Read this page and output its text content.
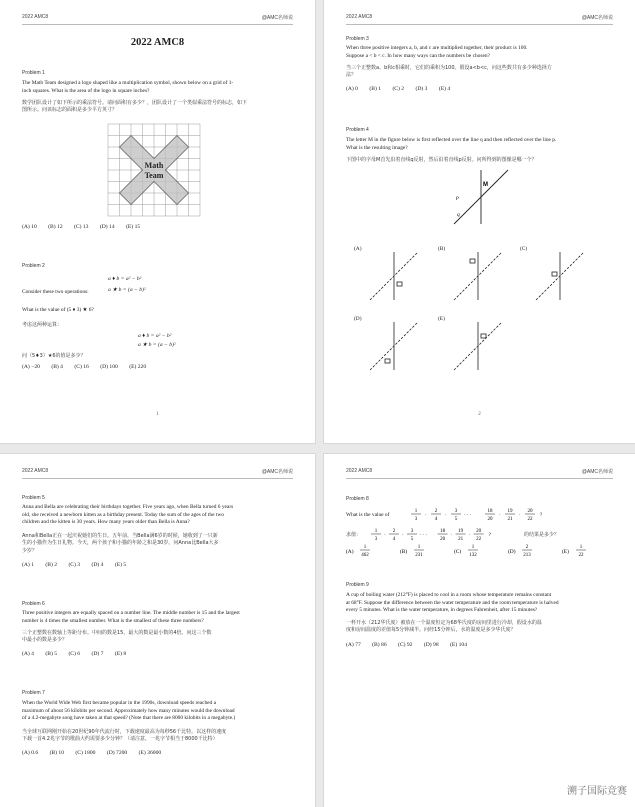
2022 AMC8	@AMC名师说
2022 AMC8
Problem 1
The Math Team designed a logo shaped like a multiplication symbol, shown below on a grid of 1-
inch squares. What is the area of the logo in square inches?
数学团队设计了如下所示的乘法符号。请问面积有多少？，团队设计了一个类似乘法符号的标志，如下
图所示。问该标志的面积是多少平方英寸？
Math
Team
(A) 10 (B) 12 (C) 13 (D) 14 (E) 15
Problem 2
a ♦ b = a² − b²
Consider these two operations:	a ★ b = (a − b)²
What is the value of (5 ♦ 3) ★ 6?
考虑这两种运算：
a ♦ b = a² − b²
a ★ b = (a − b)²
问（5♦3）★6的值是多少？
(A) −20 (B) 4 (C) 16 (D) 100 (E) 220
1
2022 AMC8	@AMC名师说
Problem 3
When three positive integers a, b, and c are multiplied together, their product is 100.
Suppose a < b < c. In how many ways can the numbers be chosen?
当三个正整数a、b和c相乘时，它们的乘积为100。假设a<b<c，问这些数共有多少种选择方
法？
(A) 0 (B) 1 (C) 2 (D) 3 (E) 4
Problem 4
The letter M in the figure below is first reflected over the line q and then reflected over the line p.
What is the resulting image?
下图中的字母M首先沿着直线q反射，然后沿着直线p反射。问所得到的图像是哪一个？
p
q
M
(A)	(B)	(C)
(D)	(E)
2
2022 AMC8	@AMC名师说
Problem 5
Anna and Bella are celebrating their birthdays together. Five years ago, when Bella turned 6 years
old, she received a newborn kitten as a birthday present. Today the sum of the ages of the two
children and the kitten is 30 years. How many years older than Bella is Anna?
Anna和Bella正在一起庆祝她们的生日。五年前，当Bella满6岁的时候，她收到了一只新
生的小猫作为生日礼物。今天，两个孩子和小猫的年龄之和是30岁。问Anna比Bella大多
少岁？
(A) 1 (B) 2 (C) 3 (D) 4 (E) 5
Problem 6
Three positive integers are equally spaced on a number line. The middle number is 15 and the largest
number is 4 times the smallest number. What is the smallest of these three numbers?
三个正整数在数轴上等距分布。中间的数是15，最大的数是最小数的4倍。问这三个数
中最小的数是多少？
(A) 4 (B) 5 (C) 6 (D) 7 (E) 8
Problem 7
When the World Wide Web first became popular in the 1990s, download speeds reached a
maximum of about 56 kilobits per second. Approximately how many minutes would the download
of a 4.2-megabyte song have taken at that speed? (Note that there are 8000 kilobits in a megabyte.)
当全球互联网刚开始在20世纪90年代流行时，下载速度最高为每秒56千比特。以这样的速度
下载一首4.2兆字节的歌曲大约需要多少分钟？（请注意，一兆字节相当于8000千比特）
(A) 0.6 (B) 10 (C) 1800 (D) 7200 (E) 36000
2022 AMC8	@AMC名师说
Problem 8
What is the value of
1
3
·
2
4
·
3
5
· · ·
18
20
·
19
21
·
20
22
?
求值：
1
3
·
2
4
·
3
5
· · ·
18
20
·
19
21
·
20
22
?	的结果是多少？
(A)
1
462
(B)
1
231
(C)
1
132
(D)
2
213
(E)
1
22
Problem 9
A cup of boiling water (212°F) is placed to cool in a room whose temperature remains constant
at 68°F. Suppose the difference between the water temperature and the room temperature is halved
every 5 minutes. What is the water temperature, in degrees Fahrenheit, after 15 minutes?
一杯开水（212华氏度）被放在一个温度恒定为68华氏度的房间里进行冷却，假设水的温
度和房间温度的差值每5分钟减半。问经15分钟后，水的温度是多少华氏度？
(A) 77 (B) 86 (C) 92 (D) 98 (E) 104
溯子国际竞赛
